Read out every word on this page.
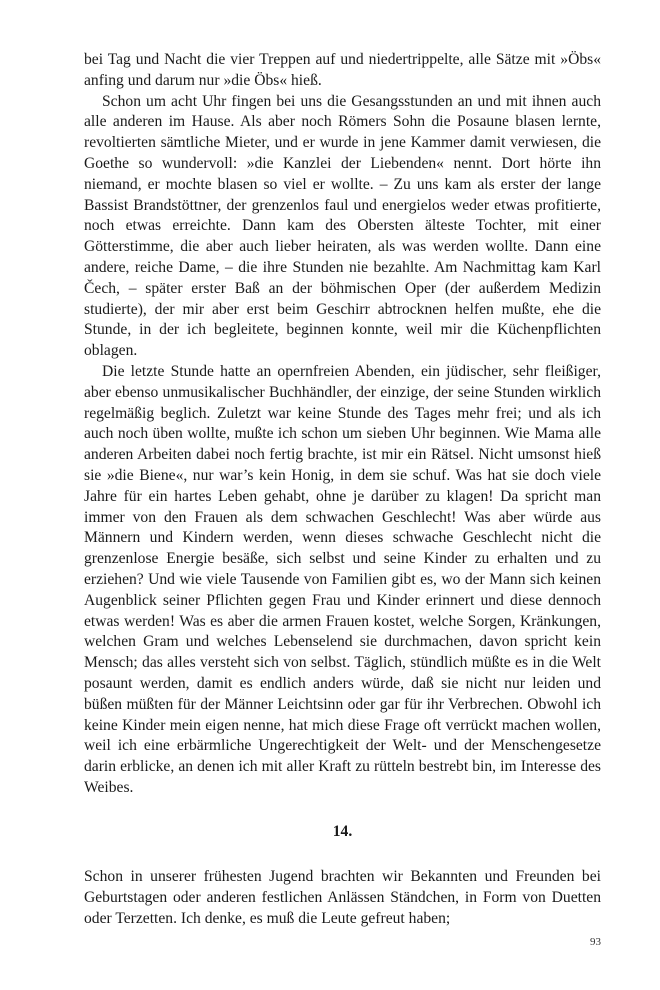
bei Tag und Nacht die vier Treppen auf und niedertrippelte, alle Sätze mit »Öbs« anfing und darum nur »die Öbs« hieß.

Schon um acht Uhr fingen bei uns die Gesangsstunden an und mit ihnen auch alle anderen im Hause. Als aber noch Römers Sohn die Posaune blasen lernte, revoltierten sämtliche Mieter, und er wurde in jene Kammer damit verwiesen, die Goethe so wundervoll: »die Kanzlei der Liebenden« nennt. Dort hörte ihn niemand, er mochte blasen so viel er wollte. – Zu uns kam als erster der lange Bassist Brandstöttner, der grenzenlos faul und energielos weder etwas profitierte, noch etwas erreichte. Dann kam des Obersten älteste Tochter, mit einer Götterstimme, die aber auch lieber heiraten, als was werden wollte. Dann eine andere, reiche Dame, – die ihre Stunden nie bezahlte. Am Nachmittag kam Karl Čech, – später erster Baß an der böhmischen Oper (der außerdem Medizin studierte), der mir aber erst beim Geschirr abtrocknen helfen mußte, ehe die Stunde, in der ich begleitete, beginnen konnte, weil mir die Küchenpflichten oblagen.

Die letzte Stunde hatte an opernfreien Abenden, ein jüdischer, sehr fleißiger, aber ebenso unmusikalischer Buchhändler, der einzige, der seine Stunden wirklich regelmäßig beglich. Zuletzt war keine Stunde des Tages mehr frei; und als ich auch noch üben wollte, mußte ich schon um sieben Uhr beginnen. Wie Mama alle anderen Arbeiten dabei noch fertig brachte, ist mir ein Rätsel. Nicht umsonst hieß sie »die Biene«, nur war’s kein Honig, in dem sie schuf. Was hat sie doch viele Jahre für ein hartes Leben gehabt, ohne je darüber zu klagen! Da spricht man immer von den Frauen als dem schwachen Geschlecht! Was aber würde aus Männern und Kindern werden, wenn dieses schwache Geschlecht nicht die grenzenlose Energie besäße, sich selbst und seine Kinder zu erhalten und zu erziehen? Und wie viele Tausende von Familien gibt es, wo der Mann sich keinen Augenblick seiner Pflichten gegen Frau und Kinder erinnert und diese dennoch etwas werden! Was es aber die armen Frauen kostet, welche Sorgen, Kränkungen, welchen Gram und welches Lebenselend sie durchmachen, davon spricht kein Mensch; das alles versteht sich von selbst. Täglich, stündlich müßte es in die Welt posaunt werden, damit es endlich anders würde, daß sie nicht nur leiden und büßen müßten für der Männer Leichtsinn oder gar für ihr Verbrechen. Obwohl ich keine Kinder mein eigen nenne, hat mich diese Frage oft verrückt machen wollen, weil ich eine erbärmliche Ungerechtigkeit der Welt- und der Menschengesetze darin erblicke, an denen ich mit aller Kraft zu rütteln bestrebt bin, im Interesse des Weibes.

14.

Schon in unserer frühesten Jugend brachten wir Bekannten und Freunden bei Geburtstagen oder anderen festlichen Anlässen Ständchen, in Form von Duetten oder Terzetten. Ich denke, es muß die Leute gefreut haben;

93
